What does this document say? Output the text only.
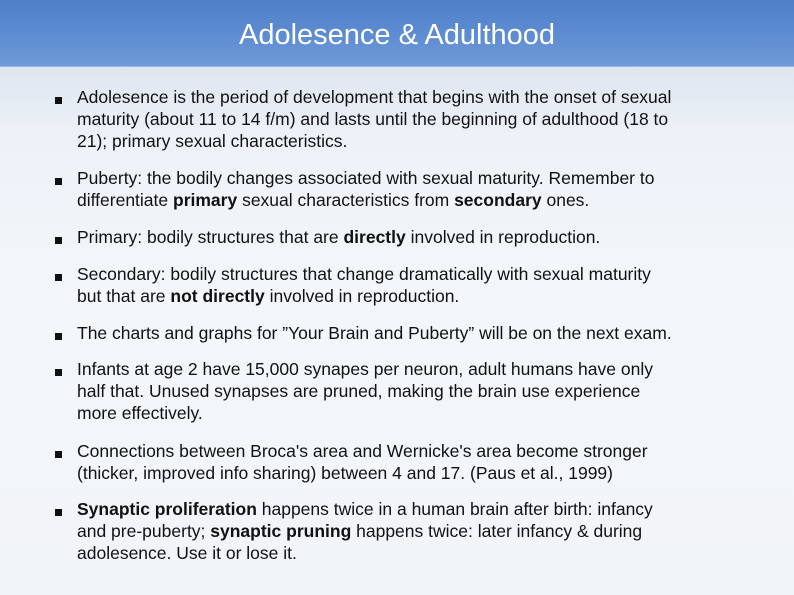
Adolesence & Adulthood
Adolesence is the period of development that begins with the onset of sexual
maturity (about 11 to 14 f/m) and lasts until the beginning of adulthood (18 to
21); primary sexual characteristics.
Puberty: the bodily changes associated with sexual maturity. Remember to
differentiate primary sexual characteristics from secondary ones.
Primary: bodily structures that are directly involved in reproduction.
Secondary: bodily structures that change dramatically with sexual maturity
but that are not directly involved in reproduction.
The charts and graphs for ”Your Brain and Puberty” will be on the next exam.
Infants at age 2 have 15,000 synapes per neuron, adult humans have only
half that. Unused synapses are pruned, making the brain use experience
more effectively.
Connections between Broca's area and Wernicke's area become stronger
(thicker, improved info sharing) between 4 and 17. (Paus et al., 1999)
Synaptic proliferation happens twice in a human brain after birth: infancy
and pre-puberty; synaptic pruning happens twice: later infancy & during
adolesence. Use it or lose it.
